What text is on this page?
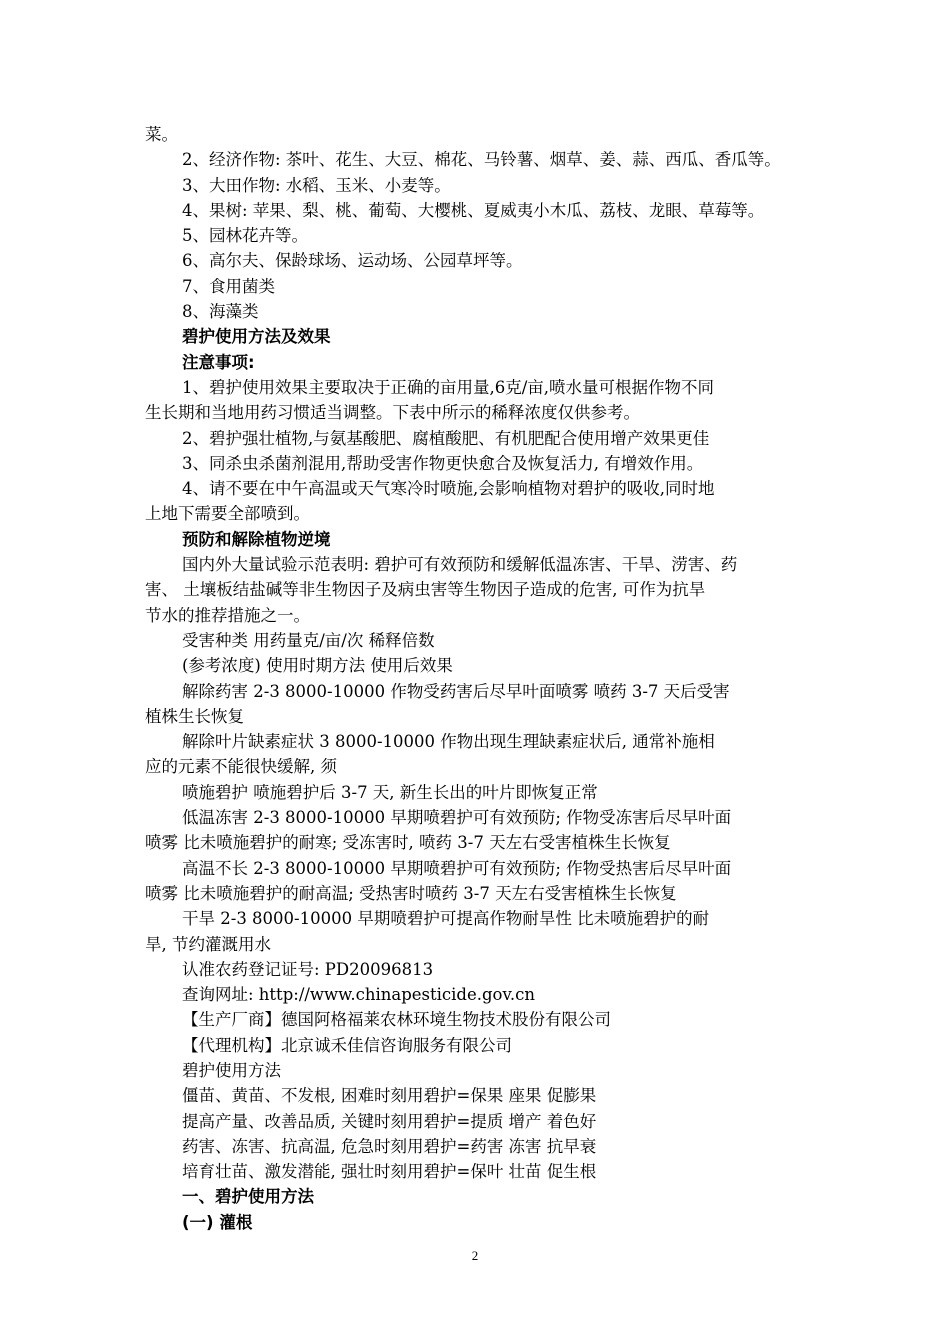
菜。
2、经济作物: 茶叶、花生、大豆、棉花、马铃薯、烟草、姜、蒜、西瓜、香瓜等。
3、大田作物: 水稻、玉米、小麦等。
4、果树: 苹果、梨、桃、葡萄、大樱桃、夏威夷小木瓜、荔枝、龙眼、草莓等。
5、园林花卉等。
6、高尔夫、保龄球场、运动场、公园草坪等。
7、食用菌类
8、海藻类
碧护使用方法及效果
注意事项:
1、碧护使用效果主要取决于正确的亩用量,6克/亩,喷水量可根据作物不同
生长期和当地用药习惯适当调整。下表中所示的稀释浓度仅供参考。
2、碧护强壮植物,与氨基酸肥、腐植酸肥、有机肥配合使用增产效果更佳
3、同杀虫杀菌剂混用,帮助受害作物更快愈合及恢复活力, 有增效作用。
4、请不要在中午高温或天气寒冷时喷施,会影响植物对碧护的吸收,同时地
上地下需要全部喷到。
预防和解除植物逆境
国内外大量试验示范表明: 碧护可有效预防和缓解低温冻害、干旱、涝害、药
害、 土壤板结盐碱等非生物因子及病虫害等生物因子造成的危害, 可作为抗旱
节水的推荐措施之一。
受害种类 用药量克/亩/次 稀释倍数
(参考浓度) 使用时期方法 使用后效果
解除药害 2-3 8000-10000 作物受药害后尽早叶面喷雾 喷药 3-7 天后受害
植株生长恢复
解除叶片缺素症状 3 8000-10000 作物出现生理缺素症状后, 通常补施相
应的元素不能很快缓解, 须
喷施碧护 喷施碧护后 3-7 天, 新生长出的叶片即恢复正常
低温冻害 2-3 8000-10000 早期喷碧护可有效预防; 作物受冻害后尽早叶面
喷雾 比未喷施碧护的耐寒; 受冻害时, 喷药 3-7 天左右受害植株生长恢复
高温不长 2-3 8000-10000 早期喷碧护可有效预防; 作物受热害后尽早叶面
喷雾 比未喷施碧护的耐高温; 受热害时喷药 3-7 天左右受害植株生长恢复
干旱 2-3 8000-10000 早期喷碧护可提高作物耐旱性 比未喷施碧护的耐
旱, 节约灌溉用水
认准农药登记证号: PD20096813
查询网址: http://www.chinapesticide.gov.cn
【生产厂商】德国阿格福莱农林环境生物技术股份有限公司
【代理机构】北京诚禾佳信咨询服务有限公司
碧护使用方法
僵苗、黄苗、不发根, 困难时刻用碧护=保果 座果 促膨果
提高产量、改善品质, 关键时刻用碧护=提质 增产 着色好
药害、冻害、抗高温, 危急时刻用碧护=药害 冻害 抗早衰
培育壮苗、激发潜能, 强壮时刻用碧护=保叶 壮苗 促生根
一、碧护使用方法
(一) 灌根
2
